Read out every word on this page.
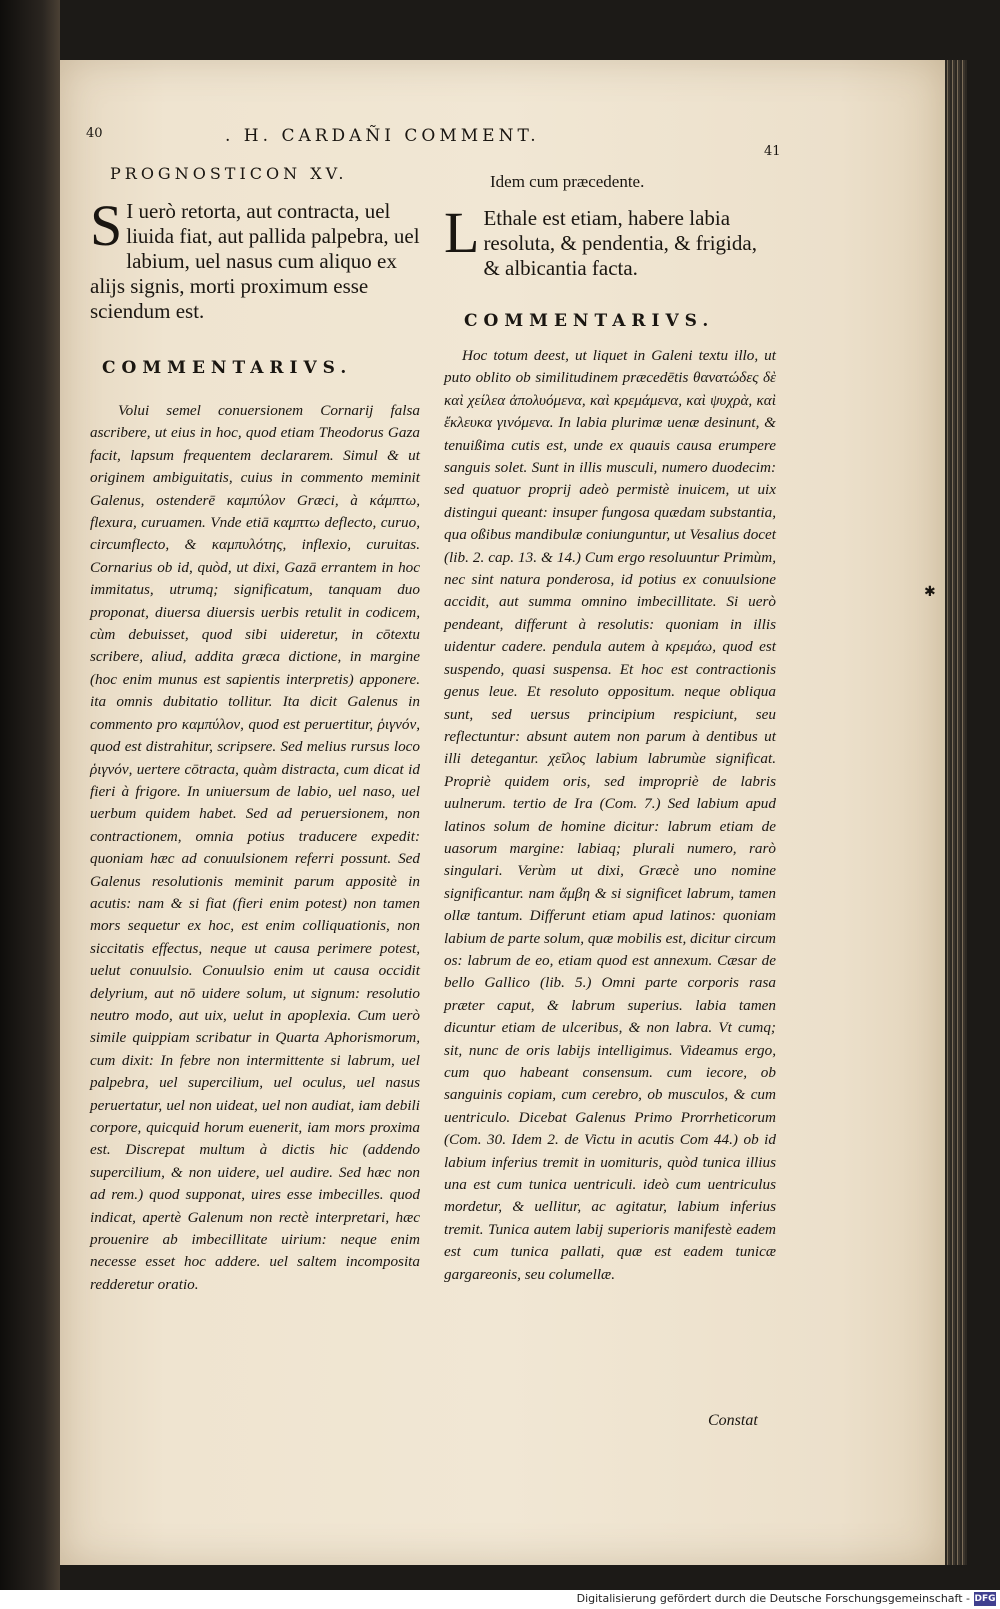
40	. H. CARDAÑI COMMENT.
41
PROGNOSTICON XV.
S I uerò retorta, aut contracta, uel liuida fiat, aut pallida palpebra, uel labium, uel nasus cum aliquo ex alijs signis, morti proximum esse sciendum est.
COMMENTARIVS.
Volui semel conuersionem Cornarij falsa ascribere, ut eius in hoc, quod etiam Theodorus Gaza facit, lapsum frequentem declararem. Simul & ut originem ambiguitatis, cuius in commento meminit Galenus, ostenderē καμπύλον Græci, à κάμπτω, flexura, curuamen. Vnde etiā καμπτω deflecto, curuo, circumflecto, & καμπυλότης, inflexio, curuitas. Cornarius ob id, quòd, ut dixi, Gazā errantem in hoc immitatus, utrumq; significatum, tanquam duo proponat, diuersa diuersis uerbis retulit in codicem, cùm debuisset, quod sibi uideretur, in cōtextu scribere, aliud, addita græca dictione, in margine (hoc enim munus est sapientis interpretis) apponere. ita omnis dubitatio tollitur. Ita dicit Galenus in commento pro καμπύλον, quod est peruertitur, ῥιγνόν, quod est distrahitur, scripsere. Sed melius rursus loco ῥιγνόν, uertere cōtracta, quàm distracta, cum dicat id fieri à frigore. In uniuersum de labio, uel naso, uel uerbum quidem habet. Sed ad peruersionem, non contractionem, omnia potius traducere expedit: quoniam hæc ad conuulsionem referri possunt. Sed Galenus resolutionis meminit parum appositè in acutis: nam & si fiat (fieri enim potest) non tamen mors sequetur ex hoc, est enim colliquationis, non siccitatis effectus, neque ut causa perimere potest, uelut conuulsio. Conuulsio enim ut causa occidit delyrium, aut nō uidere solum, ut signum: resolutio neutro modo, aut uix, uelut in apoplexia. Cum uerò simile quippiam scribatur in Quarta Aphorismorum, cum dixit: In febre non intermittente si labrum, uel palpebra, uel supercilium, uel oculus, uel nasus peruertatur, uel non uideat, uel non audiat, iam debili corpore, quicquid horum euenerit, iam mors proxima est. Discrepat multum à dictis hic (addendo supercilium, & non uidere, uel audire. Sed hæc non ad rem.) quod supponat, uires esse imbecilles. quod indicat, apertè Galenum non rectè interpretari, hæc prouenire ab imbecillitate uirium: neque enim necesse esset hoc addere. uel saltem incomposita redderetur oratio.
Idem cum præcedente.
L Ethale est etiam, habere labia resoluta, & pendentia, & frigida, & albicantia facta.
COMMENTARIVS.
Hoc totum deest, ut liquet in Galeni textu illo, ut puto oblito ob similitudinem præcedētis θανατώδες δὲ καὶ χείλεα ἀπολυόμενα, καὶ κρεμάμενα, καὶ ψυχρὰ, καὶ ἔκλευκα γινόμενα. In labia plurimæ uenæ desinunt, & tenuißima cutis est, unde ex quauis causa erumpere sanguis solet. Sunt in illis musculi, numero duodecim: sed quatuor proprij adeò permistè inuicem, ut uix distingui queant: insuper fungosa quædam substantia, qua oßibus mandibulæ coniunguntur, ut Vesalius docet (lib. 2. cap. 13. & 14.) Cum ergo resoluuntur Primùm, nec sint natura ponderosa, id potius ex conuulsione accidit, aut summa omnino imbecillitate. Si uerò pendeant, differunt à resolutis: quoniam in illis uidentur cadere. pendula autem à κρεμάω, quod est suspendo, quasi suspensa. Et hoc est contractionis genus leue. Et resoluto oppositum. neque obliqua sunt, sed uersus principium respiciunt, seu reflectuntur: absunt autem non parum à dentibus ut illi detegantur. χεῖλος labium labrumùe significat. Propriè quidem oris, sed impropriè de labris uulnerum. tertio de Ira (Com. 7.) Sed labium apud latinos solum de homine dicitur: labrum etiam de uasorum margine: labiaq; plurali numero, rarò singulari. Verùm ut dixi, Græcè uno nomine significantur. nam ἄμβη & si significet labrum, tamen ollæ tantum. Differunt etiam apud latinos: quoniam labium de parte solum, quæ mobilis est, dicitur circum os: labrum de eo, etiam quod est annexum. Cæsar de bello Gallico (lib. 5.) Omni parte corporis rasa præter caput, & labrum superius. labia tamen dicuntur etiam de ulceribus, & non labra. Vt cumq; sit, nunc de oris labijs intelligimus. Videamus ergo, cum quo habeant consensum. cum iecore, ob sanguinis copiam, cum cerebro, ob musculos, & cum uentriculo. Dicebat Galenus Primo Prorrheticorum (Com. 30. Idem 2. de Victu in acutis Com 44.) ob id labium inferius tremit in uomituris, quòd tunica illius una est cum tunica uentriculi. ideò cum uentriculus mordetur, & uellitur, ac agitatur, labium inferius tremit. Tunica autem labij superioris manifestè eadem est cum tunica pallati, quæ est eadem tunicæ gargareonis, seu columellæ.
Constat
✱
Digitalisierung gefördert durch die Deutsche Forschungsgemeinschaft - DFG
